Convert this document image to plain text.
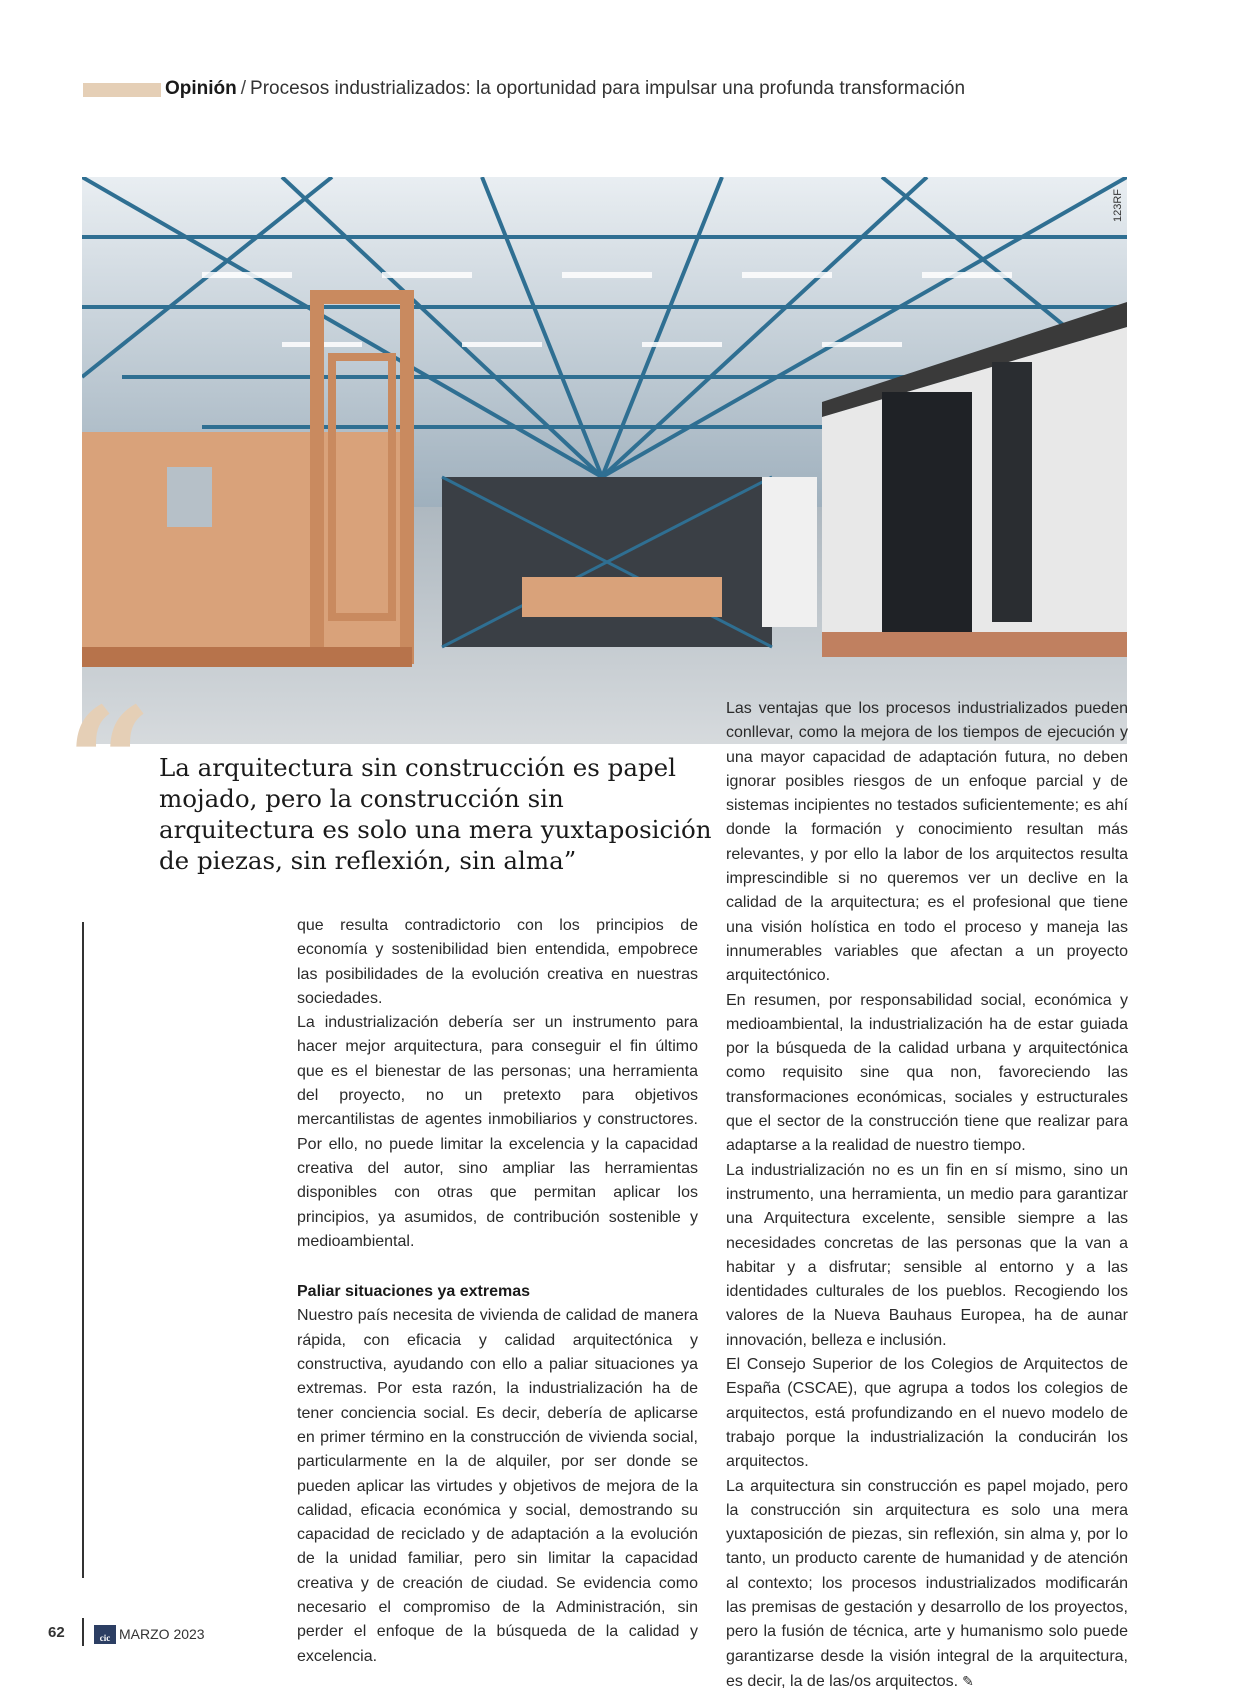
Opinión / Procesos industrializados: la oportunidad para impulsar una profunda transformación
123RF
“ La arquitectura sin construcción es papel mojado, pero la construcción sin arquitectura es solo una mera yuxtaposición de piezas, sin reflexión, sin alma”

que resulta contradictorio con los principios de economía y sostenibilidad bien entendida, empobrece las posibilidades de la evolución creativa en nuestras sociedades.

La industrialización debería ser un instrumento para hacer mejor arquitectura, para conseguir el fin último que es el bienestar de las personas; una herramienta del proyecto, no un pretexto para objetivos mercantilistas de agentes inmobiliarios y constructores. Por ello, no puede limitar la excelencia y la capacidad creativa del autor, sino ampliar las herramientas disponibles con otras que permitan aplicar los principios, ya asumidos, de contribución sostenible y medioambiental.

Paliar situaciones ya extremas

Nuestro país necesita de vivienda de calidad de manera rápida, con eficacia y calidad arquitectónica y constructiva, ayudando con ello a paliar situaciones ya extremas. Por esta razón, la industrialización ha de tener conciencia social. Es decir, debería de aplicarse en primer término en la construcción de vivienda social, particularmente en la de alquiler, por ser donde se pueden aplicar las virtudes y objetivos de mejora de la calidad, eficacia económica y social, demostrando su capacidad de reciclado y de adaptación a la evolución de la unidad familiar, pero sin limitar la capacidad creativa y de creación de ciudad. Se evidencia como necesario el compromiso de la Administración, sin perder el enfoque de la búsqueda de la calidad y excelencia.

Las ventajas que los procesos industrializados pueden conllevar, como la mejora de los tiempos de ejecución y una mayor capacidad de adaptación futura, no deben ignorar posibles riesgos de un enfoque parcial y de sistemas incipientes no testados suficientemente; es ahí donde la formación y conocimiento resultan más relevantes, y por ello la labor de los arquitectos resulta imprescindible si no queremos ver un declive en la calidad de la arquitectura; es el profesional que tiene una visión holística en todo el proceso y maneja las innumerables variables que afectan a un proyecto arquitectónico.

En resumen, por responsabilidad social, económica y medioambiental, la industrialización ha de estar guiada por la búsqueda de la calidad urbana y arquitectónica como requisito sine qua non, favoreciendo las transformaciones económicas, sociales y estructurales que el sector de la construcción tiene que realizar para adaptarse a la realidad de nuestro tiempo.

La industrialización no es un fin en sí mismo, sino un instrumento, una herramienta, un medio para garantizar una Arquitectura excelente, sensible siempre a las necesidades concretas de las personas que la van a habitar y a disfrutar; sensible al entorno y a las identidades culturales de los pueblos. Recogiendo los valores de la Nueva Bauhaus Europea, ha de aunar innovación, belleza e inclusión.

El Consejo Superior de los Colegios de Arquitectos de España (CSCAE), que agrupa a todos los colegios de arquitectos, está profundizando en el nuevo modelo de trabajo porque la industrialización la conducirán los arquitectos.

La arquitectura sin construcción es papel mojado, pero la construcción sin arquitectura es solo una mera yuxtaposición de piezas, sin reflexión, sin alma y, por lo tanto, un producto carente de humanidad y de atención al contexto; los procesos industrializados modificarán las premisas de gestación y desarrollo de los proyectos, pero la fusión de técnica, arte y humanismo solo puede garantizarse desde la visión integral de la arquitectura, es decir, la de las/os arquitectos. ✎

62	cic MARZO 2023
